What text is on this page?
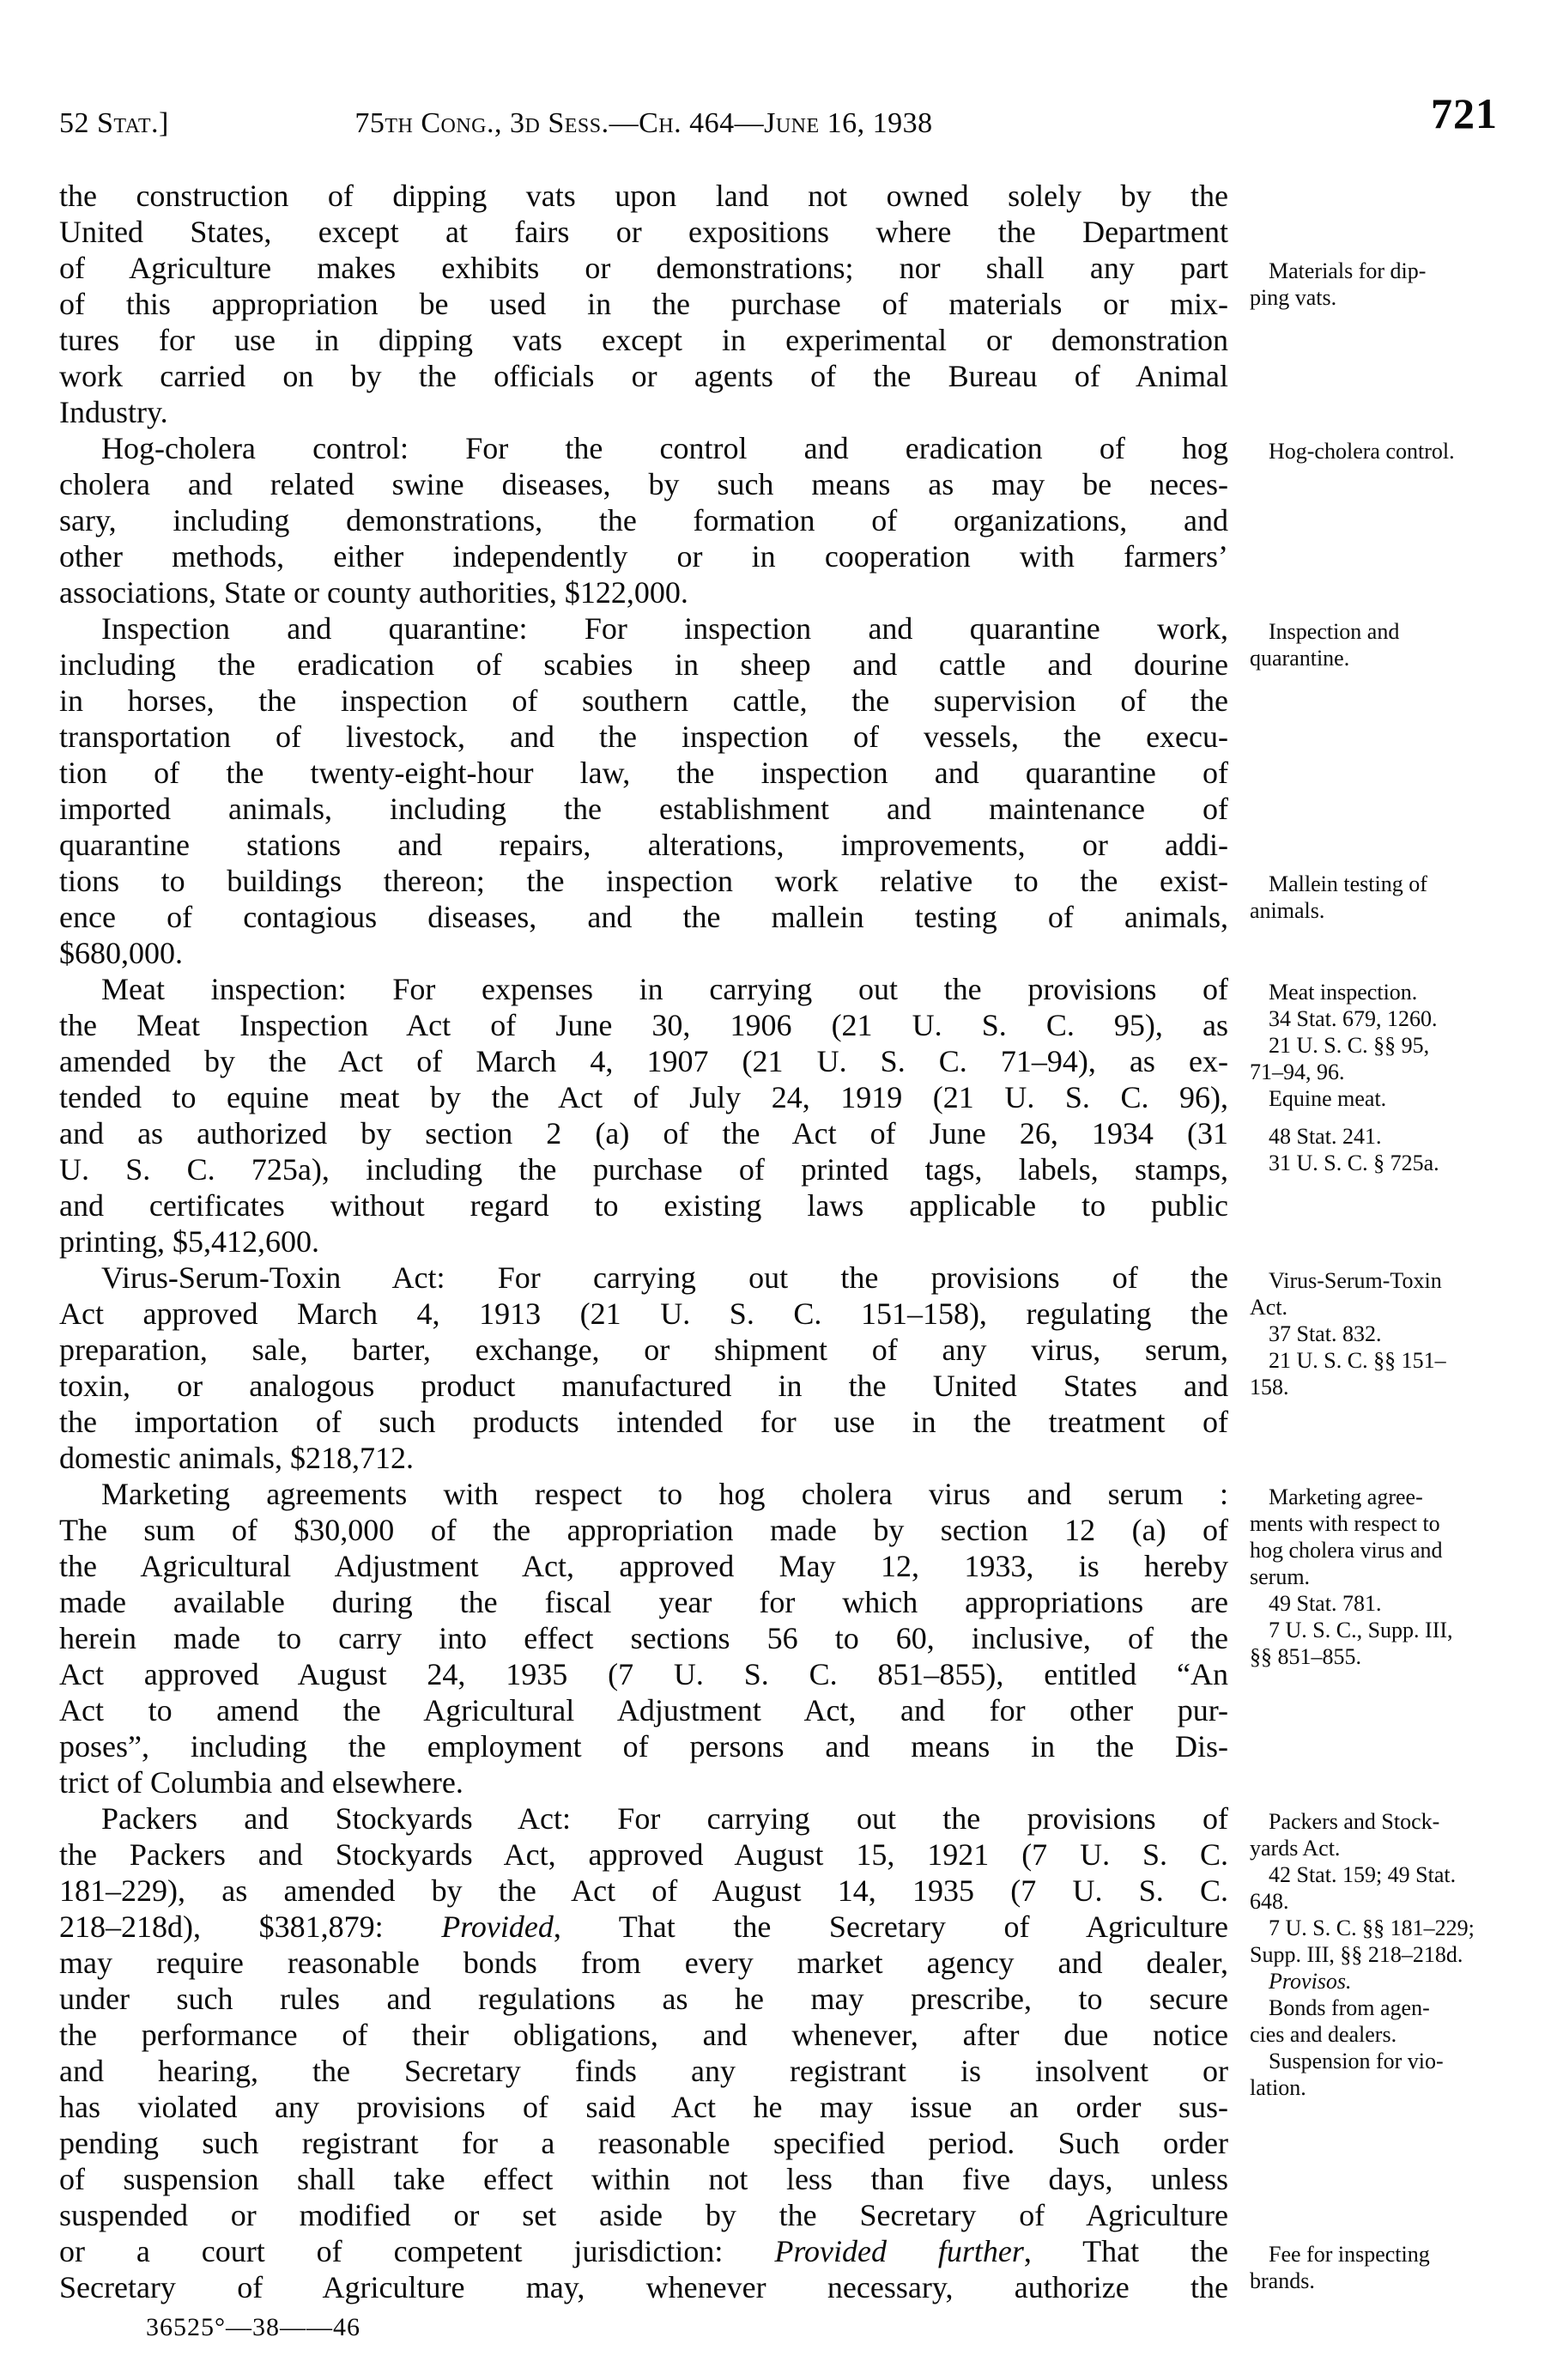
52 Stat.]	75th Cong., 3d Sess.—Ch. 464—June 16, 1938	721
the construction of dipping vats upon land not owned solely by the
United States, except at fairs or expositions where the Department
of Agriculture makes exhibits or demonstrations; nor shall any part
of this appropriation be used in the purchase of materials or mix-
tures for use in dipping vats except in experimental or demonstration
work carried on by the officials or agents of the Bureau of Animal
Industry.
Hog-cholera control: For the control and eradication of hog
cholera and related swine diseases, by such means as may be neces-
sary, including demonstrations, the formation of organizations, and
other methods, either independently or in cooperation with farmers’
associations, State or county authorities, $122,000.
Inspection and quarantine: For inspection and quarantine work,
including the eradication of scabies in sheep and cattle and dourine
in horses, the inspection of southern cattle, the supervision of the
transportation of livestock, and the inspection of vessels, the execu-
tion of the twenty-eight-hour law, the inspection and quarantine of
imported animals, including the establishment and maintenance of
quarantine stations and repairs, alterations, improvements, or addi-
tions to buildings thereon; the inspection work relative to the exist-
ence of contagious diseases, and the mallein testing of animals,
$680,000.
Meat inspection: For expenses in carrying out the provisions of
the Meat Inspection Act of June 30, 1906 (21 U. S. C. 95), as
amended by the Act of March 4, 1907 (21 U. S. C. 71–94), as ex-
tended to equine meat by the Act of July 24, 1919 (21 U. S. C. 96),
and as authorized by section 2 (a) of the Act of June 26, 1934 (31
U. S. C. 725a), including the purchase of printed tags, labels, stamps,
and certificates without regard to existing laws applicable to public
printing, $5,412,600.
Virus-Serum-Toxin Act: For carrying out the provisions of the
Act approved March 4, 1913 (21 U. S. C. 151–158), regulating the
preparation, sale, barter, exchange, or shipment of any virus, serum,
toxin, or analogous product manufactured in the United States and
the importation of such products intended for use in the treatment of
domestic animals, $218,712.
Marketing agreements with respect to hog cholera virus and serum :
The sum of $30,000 of the appropriation made by section 12 (a) of
the Agricultural Adjustment Act, approved May 12, 1933, is hereby
made available during the fiscal year for which appropriations are
herein made to carry into effect sections 56 to 60, inclusive, of the
Act approved August 24, 1935 (7 U. S. C. 851–855), entitled “An
Act to amend the Agricultural Adjustment Act, and for other pur-
poses”, including the employment of persons and means in the Dis-
trict of Columbia and elsewhere.
Packers and Stockyards Act: For carrying out the provisions of
the Packers and Stockyards Act, approved August 15, 1921 (7 U. S. C.
181–229), as amended by the Act of August 14, 1935 (7 U. S. C.
218–218d), $381,879: Provided, That the Secretary of Agriculture
may require reasonable bonds from every market agency and dealer,
under such rules and regulations as he may prescribe, to secure
the performance of their obligations, and whenever, after due notice
and hearing, the Secretary finds any registrant is insolvent or
has violated any provisions of said Act he may issue an order sus-
pending such registrant for a reasonable specified period. Such order
of suspension shall take effect within not less than five days, unless
suspended or modified or set aside by the Secretary of Agriculture
or a court of competent jurisdiction: Provided further, That the
Secretary of Agriculture may, whenever necessary, authorize the
Materials for dip-
ping vats.
Hog-cholera control.
Inspection and
quarantine.
Mallein testing of
animals.
Meat inspection.
34 Stat. 679, 1260.
21 U. S. C. §§ 95,
71–94, 96.
Equine meat.
48 Stat. 241.
31 U. S. C. § 725a.
Virus-Serum-Toxin
Act.
37 Stat. 832.
21 U. S. C. §§ 151–
158.
Marketing agree-
ments with respect to
hog cholera virus and
serum.
49 Stat. 781.
7 U. S. C., Supp. III,
§§ 851–855.
Packers and Stock-
yards Act.
42 Stat. 159; 49 Stat.
648.
7 U. S. C. §§ 181–229;
Supp. III, §§ 218–218d.
Provisos.
Bonds from agen-
cies and dealers.
Suspension for vio-
lation.
Fee for inspecting
brands.
36525°—38——46
